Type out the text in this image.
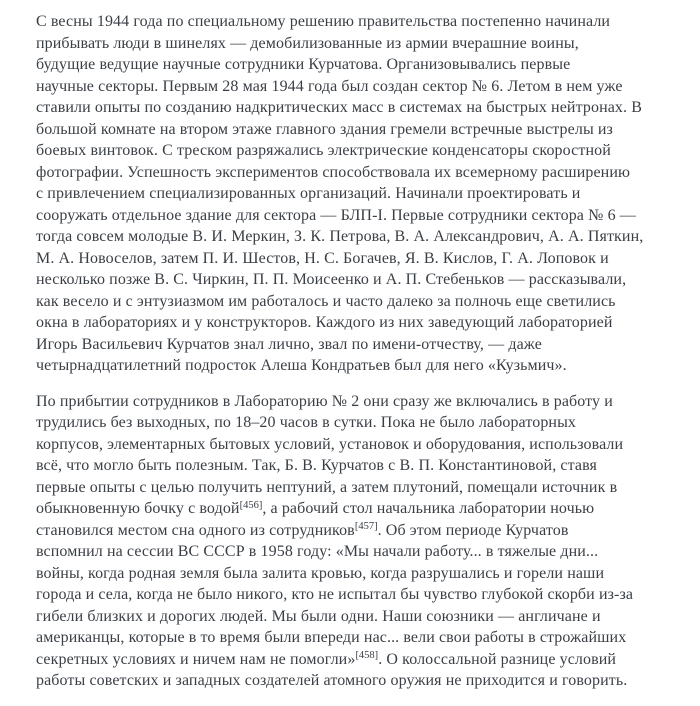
С весны 1944 года по специальному решению правительства постепенно начинали
прибывать люди в шинелях — демобилизованные из армии вчерашние воины,
будущие ведущие научные сотрудники Курчатова. Организовывались первые
научные секторы. Первым 28 мая 1944 года был создан сектор № 6. Летом в нем уже
ставили опыты по созданию надкритических масс в системах на быстрых нейтронах. В
большой комнате на втором этаже главного здания гремели встречные выстрелы из
боевых винтовок. С треском разряжались электрические конденсаторы скоростной
фотографии. Успешность экспериментов способствовала их всемерному расширению
с привлечением специализированных организаций. Начинали проектировать и
сооружать отдельное здание для сектора — БЛП-I. Первые сотрудники сектора № 6 —
тогда совсем молодые В. И. Меркин, З. К. Петрова, В. А. Александрович, А. А. Пяткин,
М. А. Новоселов, затем П. И. Шестов, Н. С. Богачев, Я. В. Кислов, Г. А. Лоповок и
несколько позже В. С. Чиркин, П. П. Моисеенко и А. П. Стебеньков — рассказывали,
как весело и с энтузиазмом им работалось и часто далеко за полночь еще светились
окна в лабораториях и у конструкторов. Каждого из них заведующий лабораторией
Игорь Васильевич Курчатов знал лично, звал по имени-отчеству, — даже
четырнадцатилетний подросток Алеша Кондратьев был для него «Кузьмич».

По прибытии сотрудников в Лабораторию № 2 они сразу же включались в работу и
трудились без выходных, по 18–20 часов в сутки. Пока не было лабораторных
корпусов, элементарных бытовых условий, установок и оборудования, использовали
всё, что могло быть полезным. Так, Б. В. Курчатов с В. П. Константиновой, ставя
первые опыты с целью получить нептуний, а затем плутоний, помещали источник в
обыкновенную бочку с водой[456], а рабочий стол начальника лаборатории ночью
становился местом сна одного из сотрудников[457]. Об этом периоде Курчатов
вспомнил на сессии ВС СССР в 1958 году: «Мы начали работу... в тяжелые дни...
войны, когда родная земля была залита кровью, когда разрушались и горели наши
города и села, когда не было никого, кто не испытал бы чувство глубокой скорби из-за
гибели близких и дорогих людей. Мы были одни. Наши союзники — англичане и
американцы, которые в то время были впереди нас... вели свои работы в строжайших
секретных условиях и ничем нам не помогли»[458]. О колоссальной разнице условий
работы советских и западных создателей атомного оружия не приходится и говорить.
